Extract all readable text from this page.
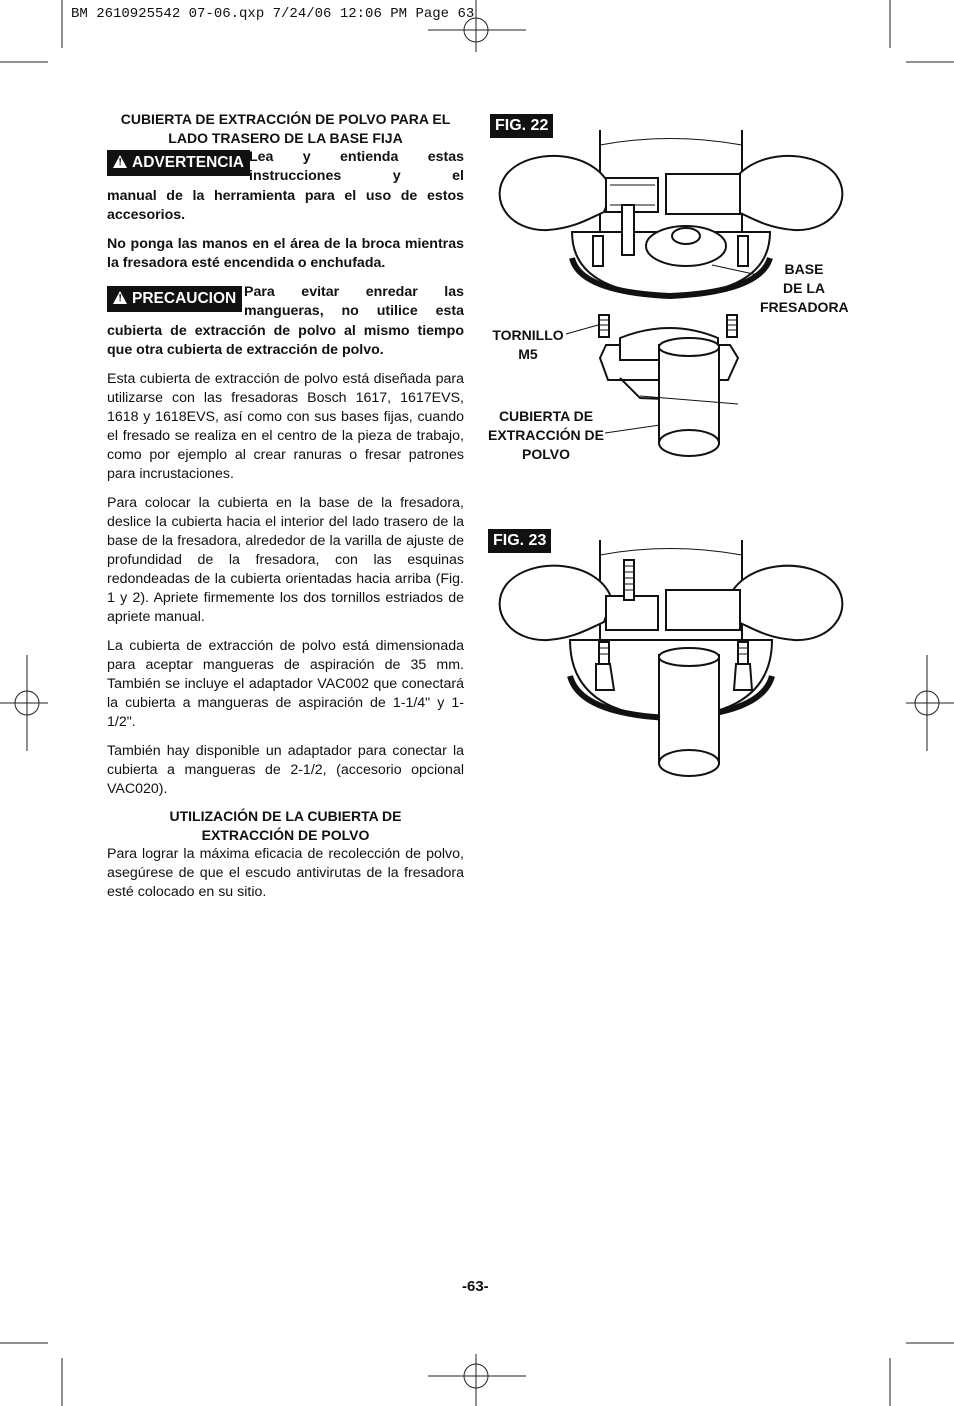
BM 2610925542 07-06.qxp 7/24/06 12:06 PM Page 63

CUBIERTA DE EXTRACCIÓN DE POLVO PARA EL

LADO TRASERO DE LA BASE FIJA

! ADVERTENCIA Lea y entienda estas
instrucciones y el

manual de la herramienta para el uso de estos accesorios.

No ponga las manos en el área de la broca mientras la fresadora esté encendida o enchufada.

! PRECAUCION Para evitar enredar las
mangueras, no utilice esta

cubierta de extracción de polvo al mismo tiempo que otra cubierta de extracción de polvo.

Esta cubierta de extracción de polvo está diseñada para utilizarse con las fresadoras Bosch 1617, 1617EVS, 1618 y 1618EVS, así como con sus bases fijas, cuando el fresado se realiza en el centro de la pieza de trabajo, como por ejemplo al crear ranuras o fresar patrones para incrustaciones.

Para colocar la cubierta en la base de la fresadora, deslice la cubierta hacia el interior del lado trasero de la base de la fresadora, alrededor de la varilla de ajuste de profundidad de la fresadora, con las esquinas redondeadas de la cubierta orientadas hacia arriba (Fig. 1 y 2). Apriete firmemente los dos tornillos estriados de apriete manual.

La cubierta de extracción de polvo está dimensionada para aceptar mangueras de aspiración de 35 mm. También se incluye el adaptador VAC002 que conectará la cubierta a mangueras de aspiración de 1-1/4" y 1-1/2".

También hay disponible un adaptador para conectar la cubierta a mangueras de 2-1/2, (accesorio opcional VAC020).

UTILIZACIÓN DE LA CUBIERTA DE

EXTRACCIÓN DE POLVO

Para lograr la máxima eficacia de recolección de polvo, asegúrese de que el escudo antivirutas de la fresadora esté colocado en su sitio.

FIG. 22
FIG. 23
BASE
DE LA
FRESADORA
TORNILLO
M5
CUBIERTA DE
EXTRACCIÓN DE
POLVO
-63-
